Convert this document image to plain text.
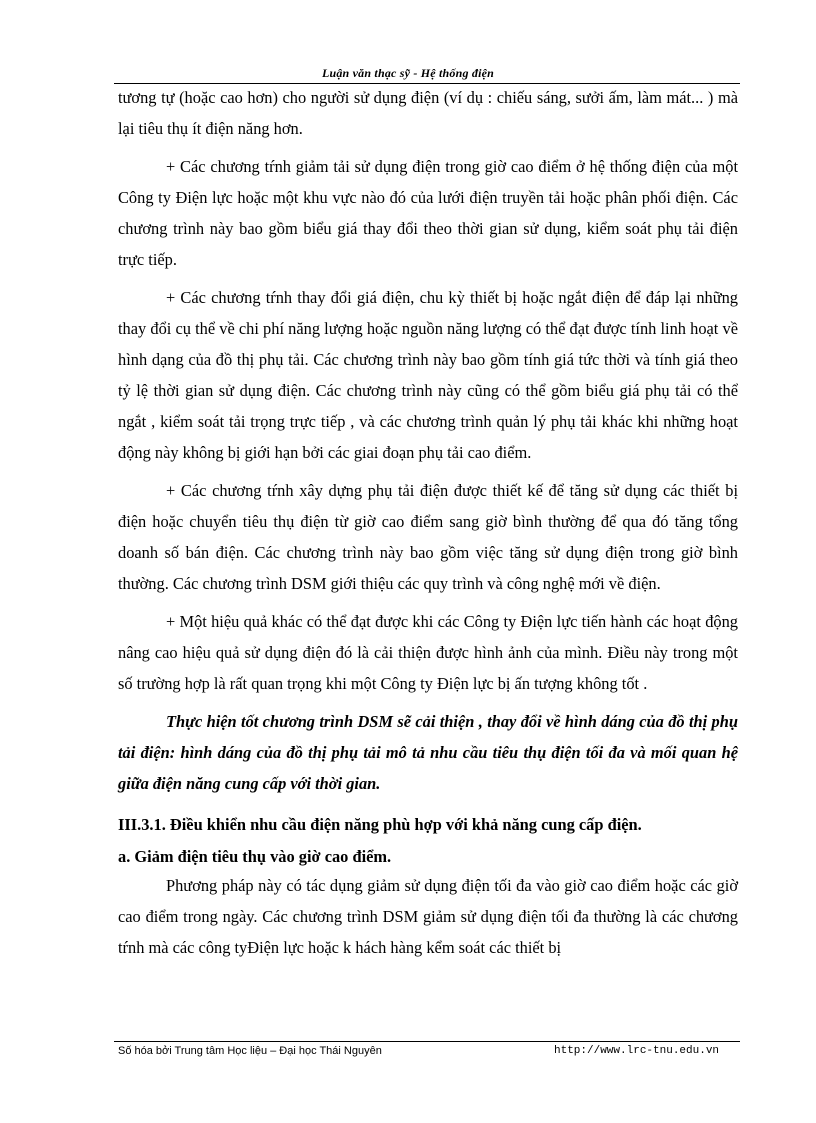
Luận văn thạc sỹ - Hệ thống điện

tương tự (hoặc cao hơn) cho người sử dụng điện (ví dụ : chiếu sáng, sưởi ấm, làm mát... ) mà lại tiêu thụ ít điện năng hơn.

+ Các chương tŕnh giảm tải sử dụng điện trong giờ cao điểm ở hệ thống điện của một Công ty Điện lực hoặc một khu vực nào đó của lưới điện truyền tải hoặc phân phối điện. Các chương trình này bao gồm biểu giá thay đổi theo thời gian sử dụng, kiểm soát phụ tải điện trực tiếp.

+ Các chương tŕnh thay đổi giá điện, chu kỳ thiết bị hoặc ngắt điện để đáp lại những thay đổi cụ thể về chi phí năng lượng hoặc nguồn năng lượng có thể đạt được tính linh hoạt về hình dạng của đồ thị phụ tải. Các chương trình này bao gồm tính giá tức thời và tính giá theo tỷ lệ thời gian sử dụng điện. Các chương trình này cũng có thể gồm biểu giá phụ tải có thể ngắt , kiểm soát tải trọng trực tiếp , và các chương trình quản lý phụ tải khác khi những hoạt động này không bị giới hạn bởi các giai đoạn phụ tải cao điểm.

+ Các chương tŕnh xây dựng phụ tải điện được thiết kế để tăng sử dụng các thiết bị điện hoặc chuyển tiêu thụ điện từ giờ cao điểm sang giờ bình thường để qua đó tăng tổng doanh số bán điện. Các chương trình này bao gồm việc tăng sử dụng điện trong giờ bình thường. Các chương trình DSM giới thiệu các quy trình và công nghệ mới về điện.

+ Một hiệu quả khác có thể đạt được khi các Công ty Điện lực tiến hành các hoạt động nâng cao hiệu quả sử dụng điện đó là cải thiện được hình ảnh của mình. Điều này trong một số trường hợp là rất quan trọng khi một Công ty Điện lực bị ấn tượng không tốt .

Thực hiện tốt chương trình DSM sẽ cải thiện , thay đổi về hình dáng của đồ thị phụ tải điện: hình dáng của đồ thị phụ tải mô tả nhu cầu tiêu thụ điện tối đa và mối quan hệ giữa điện năng cung cấp với thời gian.

III.3.1. Điều khiển nhu cầu điện năng phù hợp với khả năng cung cấp điện.

a. Giảm điện tiêu thụ vào giờ cao điểm.

Phương pháp này có tác dụng giảm sử dụng điện tối đa vào giờ cao điểm hoặc các giờ cao điểm trong ngày. Các chương trình DSM giảm sử dụng điện tối đa thường là các chương tŕnh mà các công tyĐiện lực hoặc k hách hàng kểm soát các thiết bị

Số hóa bởi Trung tâm Học liệu – Đại học Thái Nguyên	http://www.lrc-tnu.edu.vn
